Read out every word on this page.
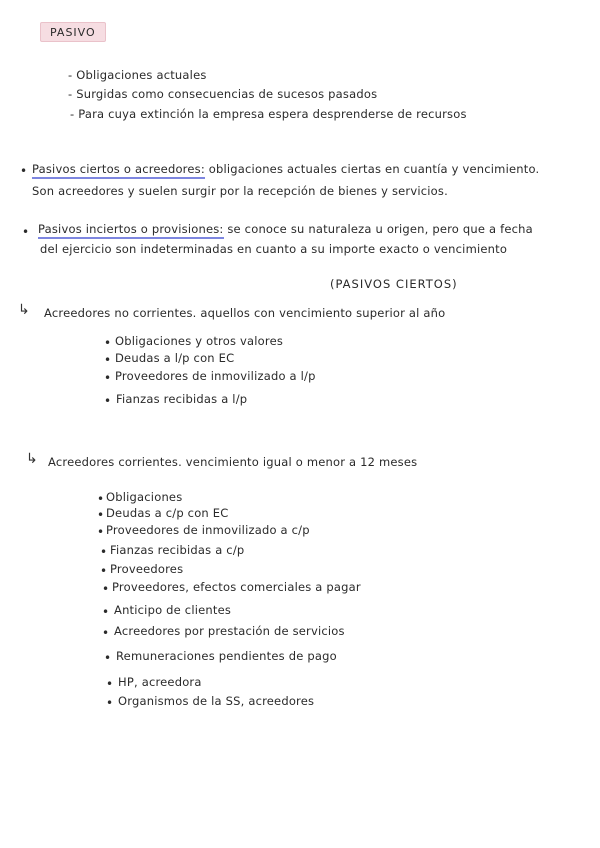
PASIVO
- Obligaciones actuales
- Surgidas como consecuencias de sucesos pasados
- Para cuya extinción la empresa espera desprenderse de recursos
• Pasivos ciertos o acreedores: obligaciones actuales ciertas en cuantía y vencimiento.
Son acreedores y suelen surgir por la recepción de bienes y servicios.
• Pasivos inciertos o provisiones: se conoce su naturaleza u origen, pero que a fecha
del ejercicio son indeterminadas en cuanto a su importe exacto o vencimiento
(PASIVOS CIERTOS)
↳ Acreedores no corrientes. aquellos con vencimiento superior al año
• Obligaciones y otros valores
• Deudas a l/p con EC
• Proveedores de inmovilizado a l/p
• Fianzas recibidas a l/p
↳ Acreedores corrientes. vencimiento igual o menor a 12 meses
• Obligaciones
• Deudas a c/p con EC
• Proveedores de inmovilizado a c/p
• Fianzas recibidas a c/p
• Proveedores
• Proveedores, efectos comerciales a pagar
• Anticipo de clientes
• Acreedores por prestación de servicios
• Remuneraciones pendientes de pago
• HP, acreedora
• Organismos de la SS, acreedores
